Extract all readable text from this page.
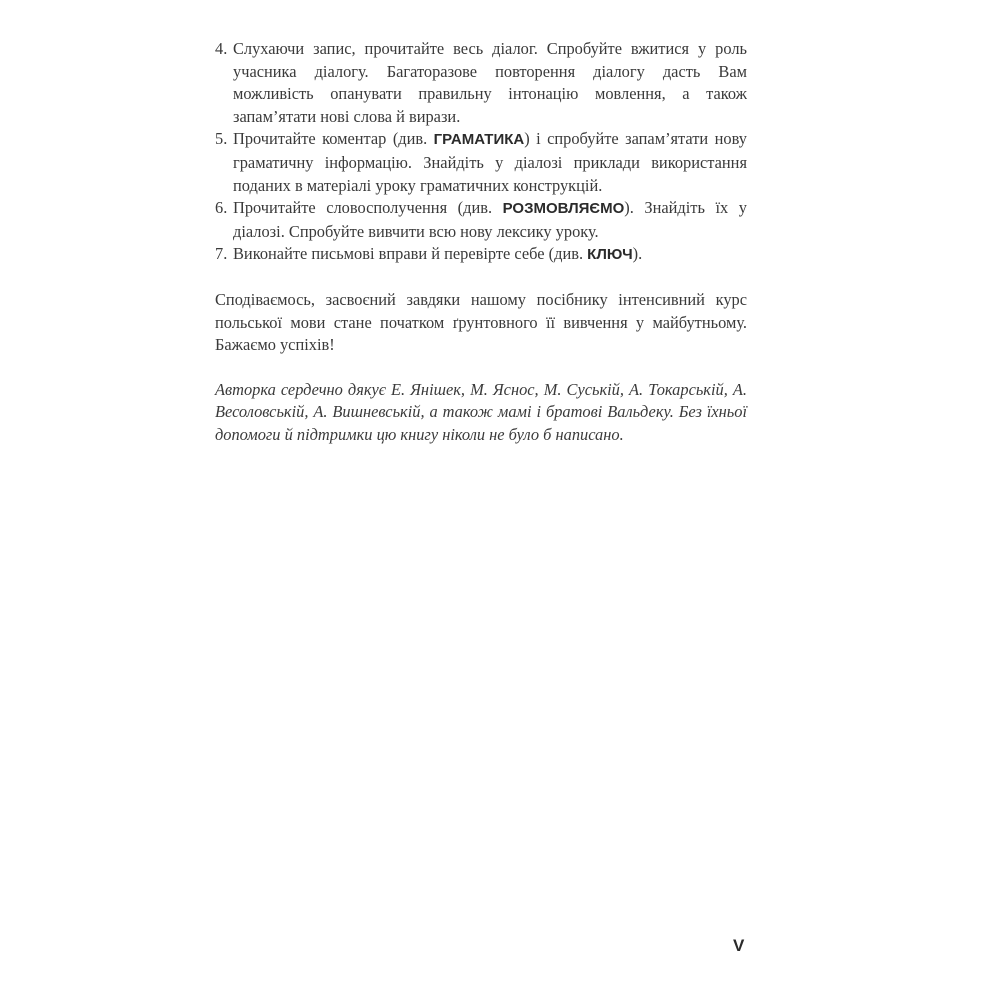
4. Слухаючи запис, прочитайте весь діалог. Спробуйте вжитися у роль учасника діалогу. Багаторазове повторення діалогу дасть Вам можливість опанувати правильну інтонацію мовлення, а також запам’ятати нові слова й вирази.
5. Прочитайте коментар (див. ГРАМАТИКА) і спробуйте запам’ятати нову граматичну інформацію. Знайдіть у діалозі приклади використання поданих в матеріалі уроку граматичних конструкцій.
6. Прочитайте словосполучення (див. РОЗМОВЛЯЄМО). Знайдіть їх у діалозі. Спробуйте вивчити всю нову лексику уроку.
7. Виконайте письмові вправи й перевірте себе (див. КЛЮЧ).

Сподіваємось, засвоєний завдяки нашому посібнику інтенсивний курс польської мови стане початком ґрунтовного її вивчення у майбутньому. Бажаємо успіхів!

Авторка сердечно дякує Е. Янішек, М. Яснос, М. Суській, А. Токарській, А. Весоловській, А. Вишневській, а також мамі і братові Вальдеку. Без їхньої допомоги й підтримки цю книгу ніколи не було б написано.

V
